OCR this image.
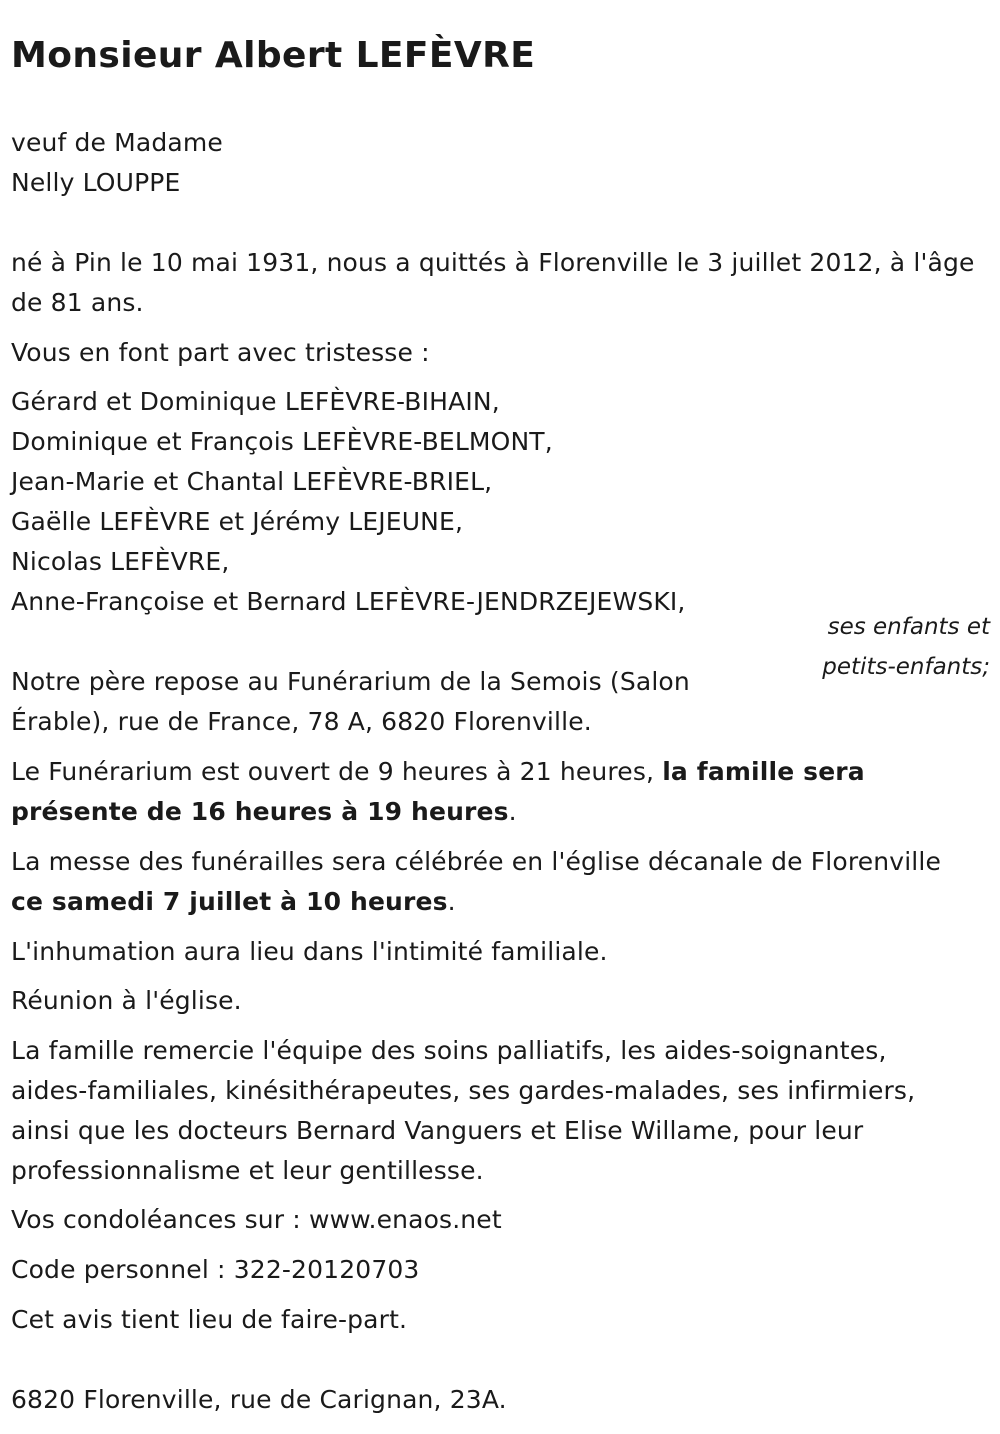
Monsieur Albert LEFÈVRE

veuf de Madame

Nelly LOUPPE

né à Pin le 10 mai 1931, nous a quittés à Florenville le 3 juillet 2012, à l'âge

de 81 ans.

Vous en font part avec tristesse :

Gérard et Dominique LEFÈVRE-BIHAIN,

Dominique et François LEFÈVRE-BELMONT,

Jean-Marie et Chantal LEFÈVRE-BRIEL,

Gaëlle LEFÈVRE et Jérémy LEJEUNE,

Nicolas LEFÈVRE,

Anne-Françoise et Bernard LEFÈVRE-JENDRZEJEWSKI,

ses enfants et petits-enfants;

Notre père repose au Funérarium de la Semois (Salon

Érable), rue de France, 78 A, 6820 Florenville.

Le Funérarium est ouvert de 9 heures à 21 heures, la famille sera

présente de 16 heures à 19 heures.

La messe des funérailles sera célébrée en l'église décanale de Florenville

ce samedi 7 juillet à 10 heures.

L'inhumation aura lieu dans l'intimité familiale.

Réunion à l'église.

La famille remercie l'équipe des soins palliatifs, les aides-soignantes,

aides-familiales, kinésithérapeutes, ses gardes-malades, ses infirmiers,

ainsi que les docteurs Bernard Vanguers et Elise Willame, pour leur

professionnalisme et leur gentillesse.

Vos condoléances sur : www.enaos.net

Code personnel : 322-20120703

Cet avis tient lieu de faire-part.

6820 Florenville, rue de Carignan, 23A.
